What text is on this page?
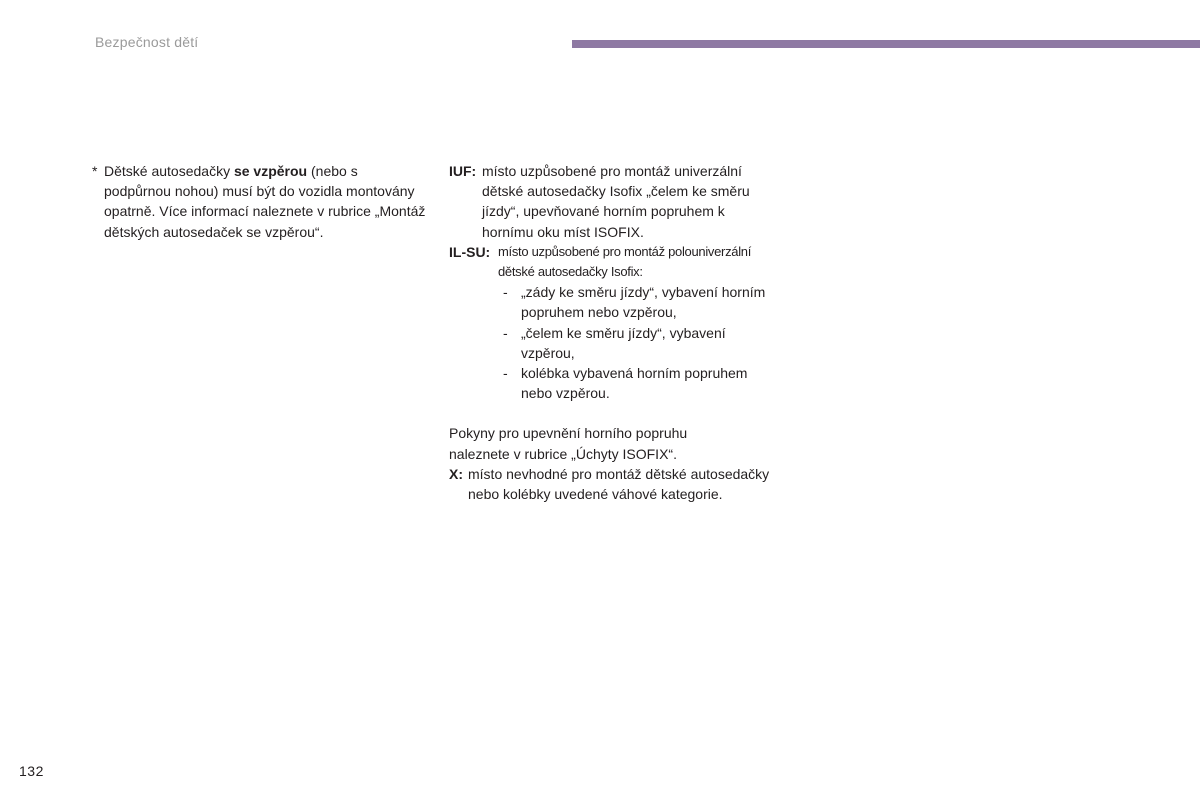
Bezpečnost dětí
* Dětské autosedačky se vzpěrou (nebo s podpůrnou nohou) musí být do vozidla montovány opatrně. Více informací naleznete v rubrice „Montáž dětských autosedaček se vzpěrou“.
IUF: místo uzpůsobené pro montáž univerzální dětské autosedačky Isofix „čelem ke směru jízdy“, upevňované horním popruhem k hornímu oku míst ISOFIX.
IL-SU: místo uzpůsobené pro montáž polouniverzální dětské autosedačky Isofix:
- „zády ke směru jízdy“, vybavení horním popruhem nebo vzpěrou,
- „čelem ke směru jízdy“, vybavení vzpěrou,
- kolébka vybavená horním popruhem nebo vzpěrou.
Pokyny pro upevnění horního popruhu naleznete v rubrice „Úchyty ISOFIX“.
X: místo nevhodné pro montáž dětské autosedačky nebo kolébky uvedené váhové kategorie.
132
